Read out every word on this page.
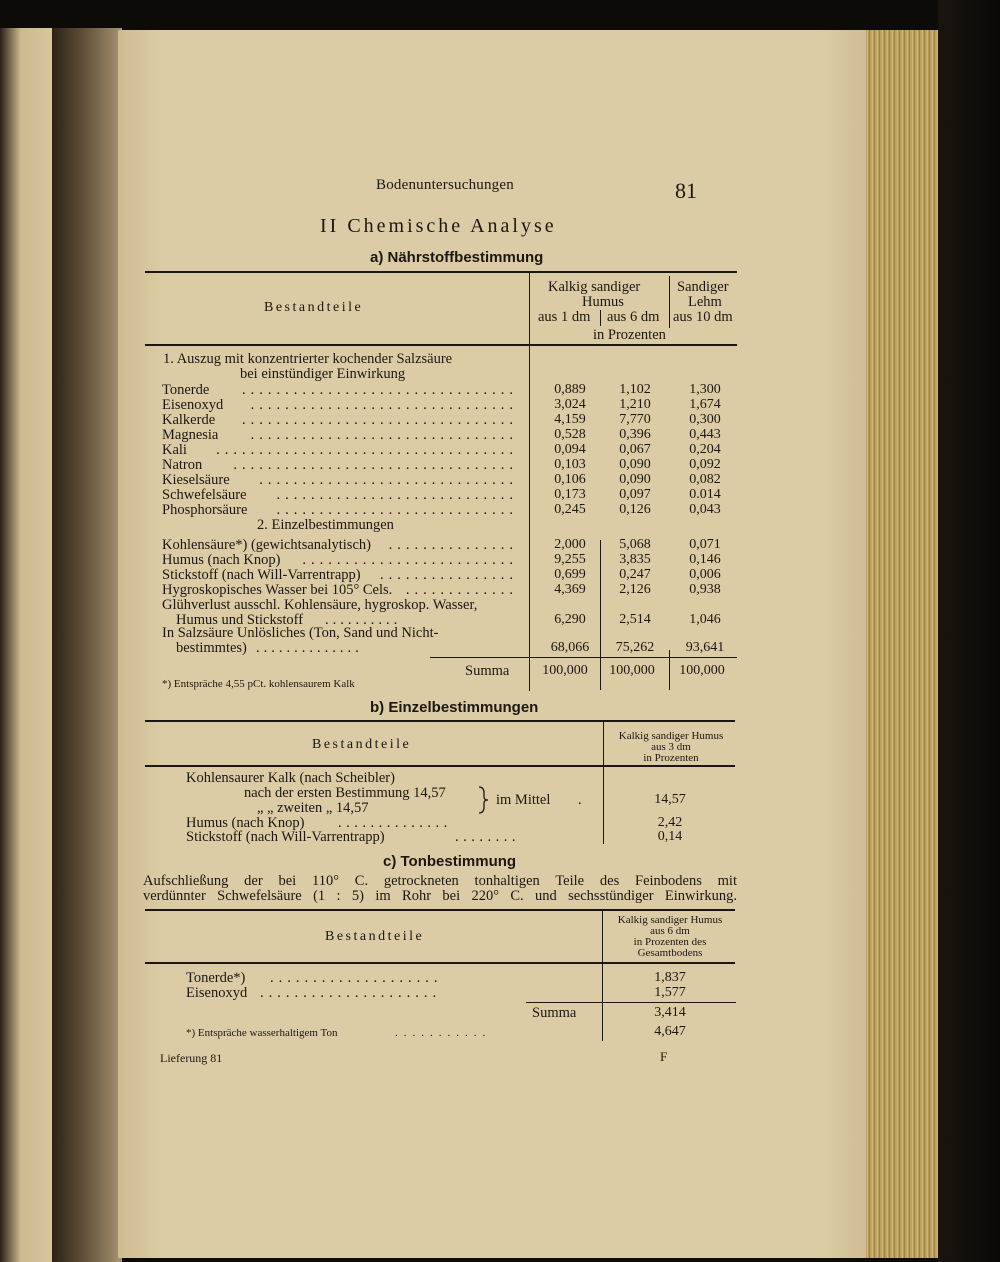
Bodenuntersuchungen	81
II Chemische Analyse
a) Nährstoffbestimmung
Bestandteile
Kalkig sandiger
Humus
aus 1 dm aus 6 dm
Sandiger
Lehm
aus 10 dm
in Prozenten
1. Auszug mit konzentrierter kochender Salzsäure
bei einstündiger Einwirkung
Tonerde ................................	0,889	1,102	1,300
Eisenoxyd ...............................	3,024	1,210	1,674
Kalkerde ................................	4,159	7,770	0,300
Magnesia ...............................	0,528	0,396	0,443
Kali ...................................	0,094	0,067	0,204
Natron .................................	0,103	0,090	0,092
Kieselsäure ..............................	0,106	0,090	0,082
Schwefelsäure ............................	0,173	0,097	0.014
Phosphorsäure ............................	0,245	0,126	0,043
2. Einzelbestimmungen
Kohlensäure*) (gewichtsanalytisch) ...............	2,000	5,068	0,071
Humus (nach Knop) .........................	9,255	3,835	0,146
Stickstoff (nach Will-Varrentrapp) ................	0,699	0,247	0,006
Hygroskopisches Wasser bei 105° Cels. .............	4,369	2,126	0,938
Glühverlust ausschl. Kohlensäure, hygroskop. Wasser,
Humus und Stickstoff ..........	6,290	2,514	1,046
In Salzsäure Unlösliches (Ton, Sand und Nicht-
bestimmtes) ..............	68,066	75,262	93,641
Summa	100,000	100,000	100,000
*) Entspräche 4,55 pCt. kohlensaurem Kalk
b) Einzelbestimmungen
Bestandteile
Kalkig sandiger Humus
aus 3 dm
in Prozenten
Kohlensaurer Kalk (nach Scheibler)
nach der ersten Bestimmung 14,57
„ „ zweiten „ 14,57	im Mittel .	14,57
Humus (nach Knop) ..............	2,42
Stickstoff (nach Will-Varrentrapp)	........	0,14
c) Tonbestimmung
Aufschließung der bei 110° C. getrockneten tonhaltigen Teile des Feinbodens mit
verdünnter Schwefelsäure (1 : 5) im Rohr bei 220° C. und sechsstündiger Einwirkung.
Bestandteile
Kalkig sandiger Humus
aus 6 dm
in Prozenten des
Gesamtbodens
Tonerde*) ....................	1,837
Eisenoxyd .....................	1,577
Summa	3,414
*) Entspräche wasserhaltigem Ton	...........	4,647
Lieferung 81	F
